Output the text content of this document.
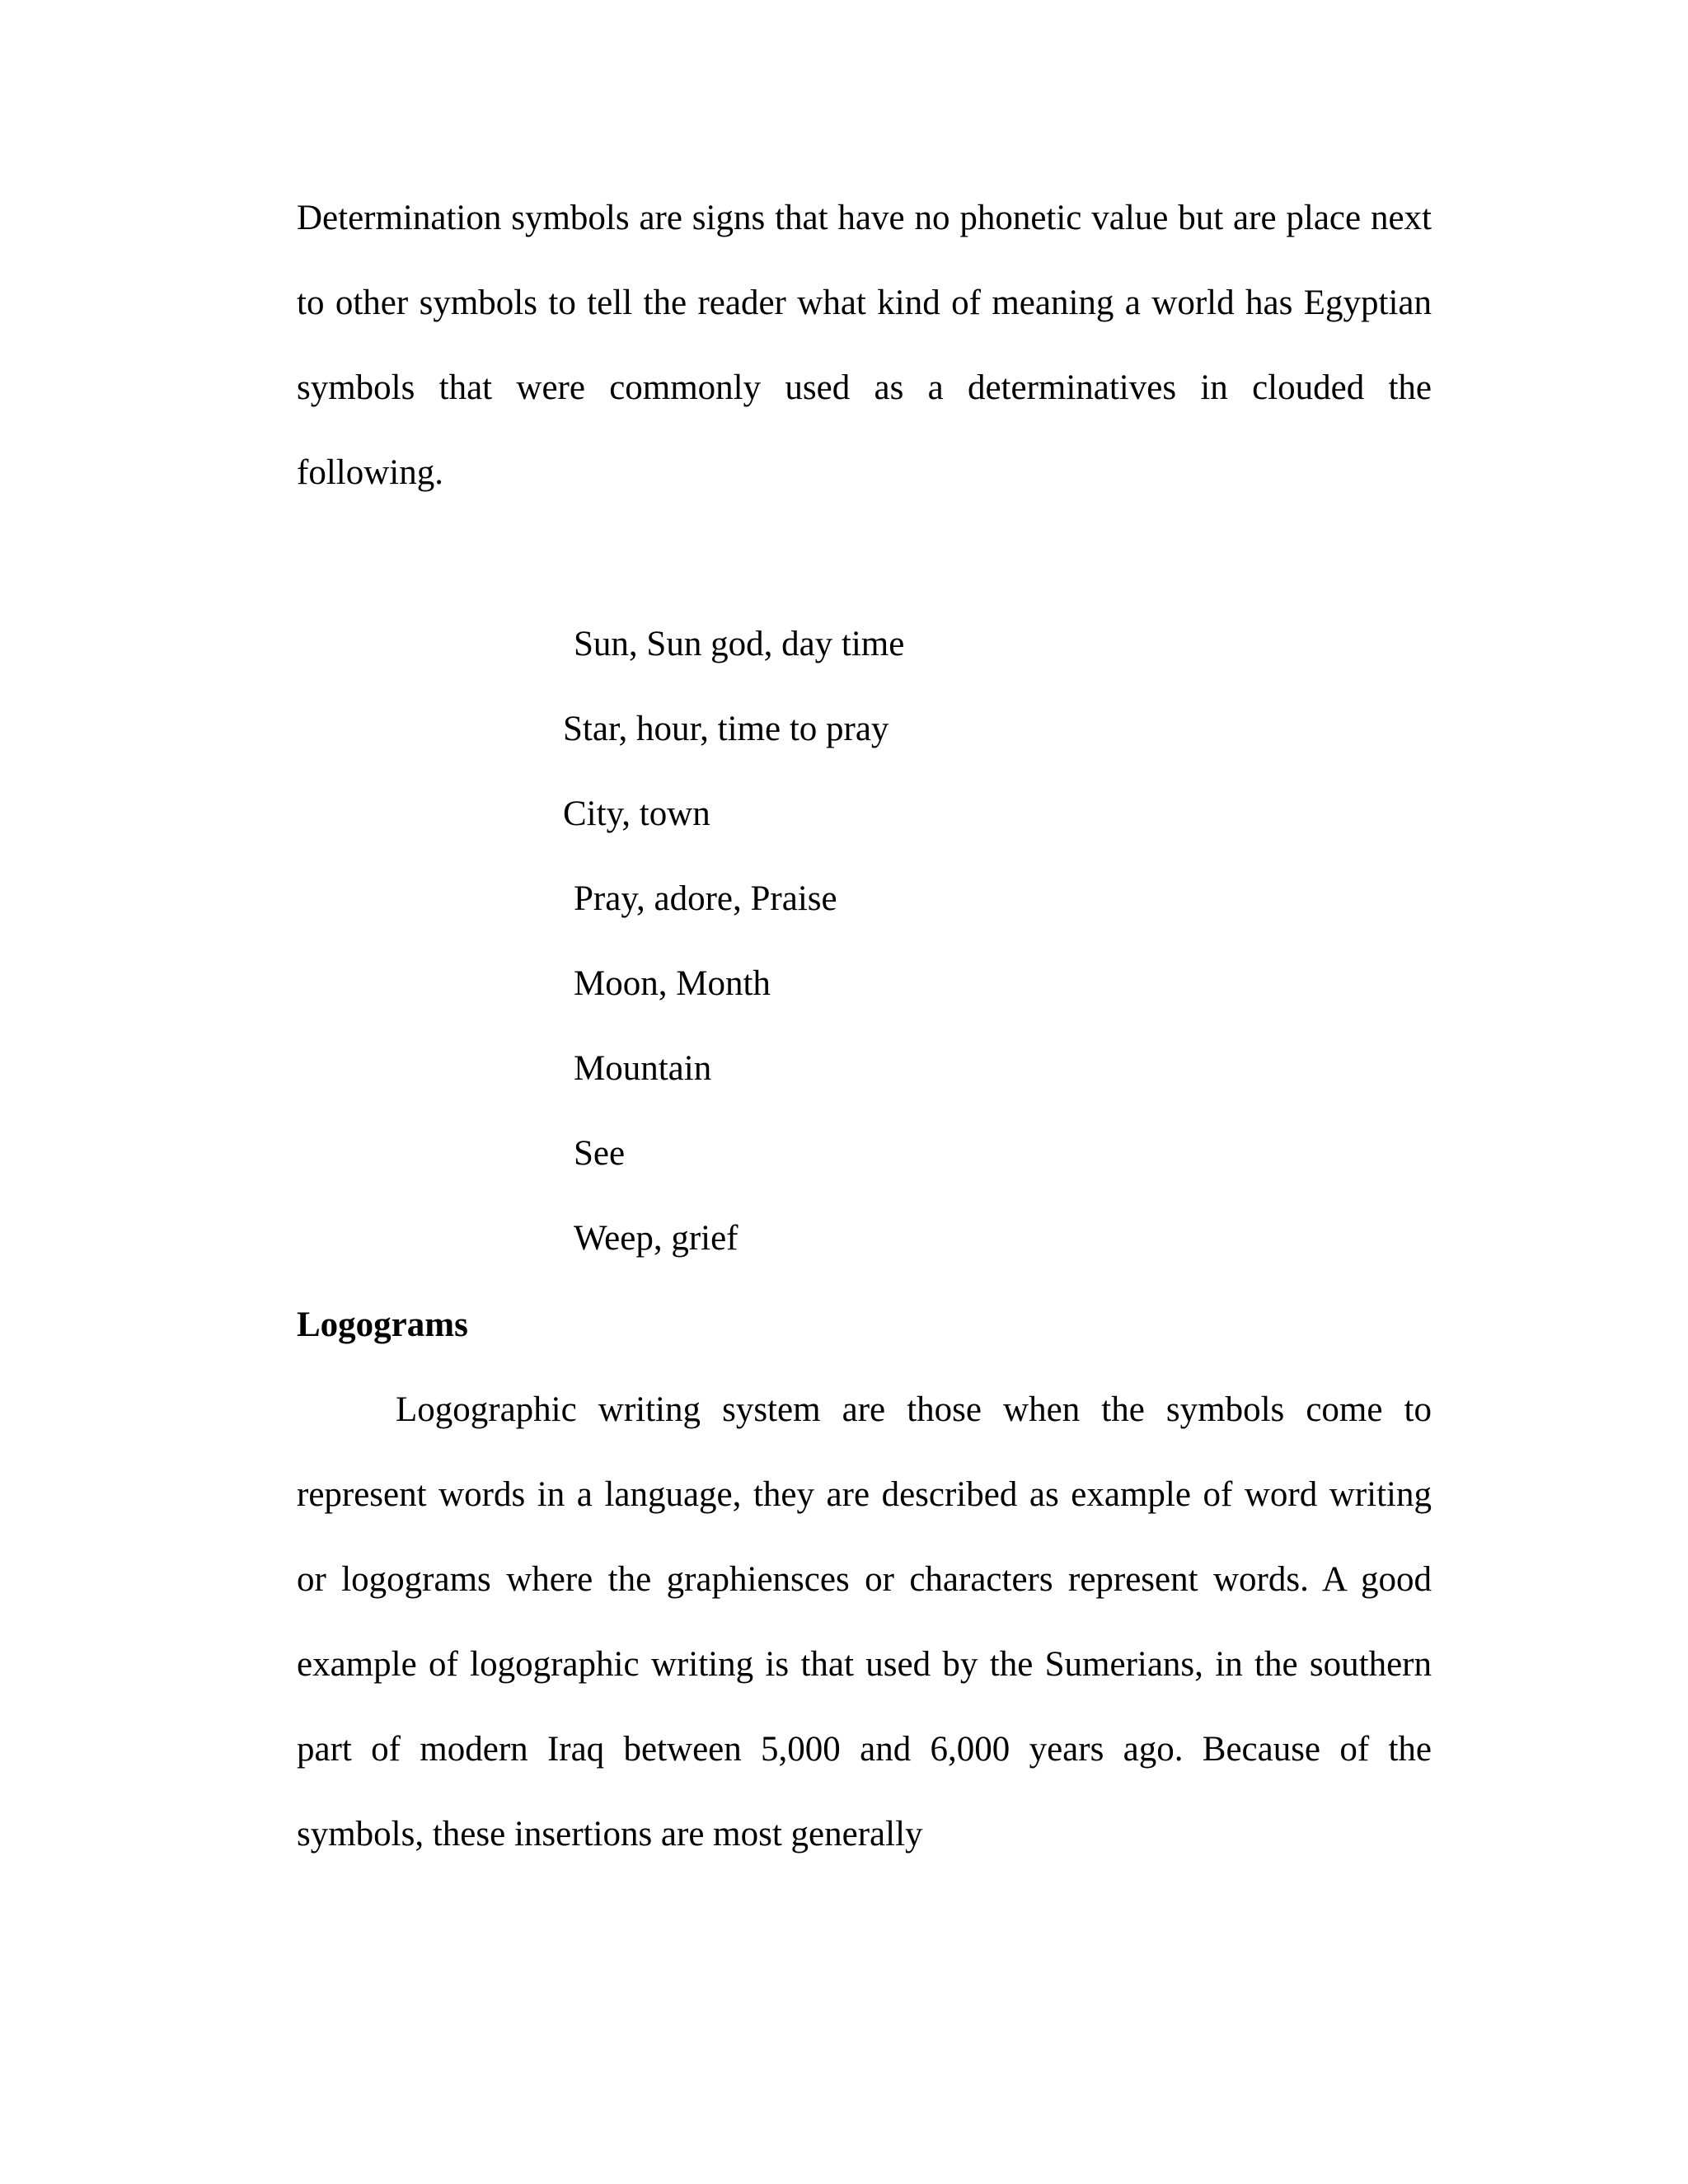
Determination symbols are signs that have no phonetic value but are place next to other symbols to tell the reader what kind of meaning a world has Egyptian symbols that were commonly used as a determinatives in clouded the following.

Sun, Sun god, day time
Star, hour, time to pray
City, town
Pray, adore, Praise
Moon, Month
Mountain
See
Weep, grief
Logograms

Logographic writing system are those when the symbols come to represent words in a language, they are described as example of word writing or logograms where the graphiensces or characters represent words. A good example of logographic writing is that used by the Sumerians, in the southern part of modern Iraq between 5,000 and 6,000 years ago. Because of the symbols, these insertions are most generally
